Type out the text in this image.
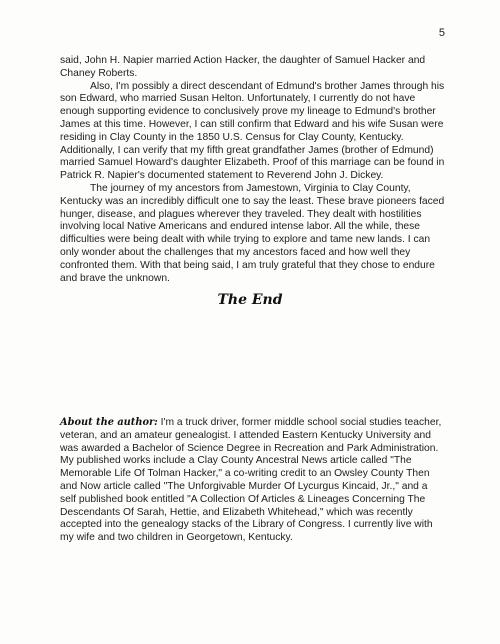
5

said, John H. Napier married Action Hacker, the daughter of Samuel Hacker and Chaney Roberts.

Also, I'm possibly a direct descendant of Edmund's brother James through his son Edward, who married Susan Helton. Unfortunately, I currently do not have enough supporting evidence to conclusively prove my lineage to Edmund's brother James at this time. However, I can still confirm that Edward and his wife Susan were residing in Clay County in the 1850 U.S. Census for Clay County, Kentucky. Additionally, I can verify that my fifth great grandfather James (brother of Edmund) married Samuel Howard's daughter Elizabeth. Proof of this marriage can be found in Patrick R. Napier's documented statement to Reverend John J. Dickey.

The journey of my ancestors from Jamestown, Virginia to Clay County, Kentucky was an incredibly difficult one to say the least. These brave pioneers faced hunger, disease, and plagues wherever they traveled. They dealt with hostilities involving local Native Americans and endured intense labor. All the while, these difficulties were being dealt with while trying to explore and tame new lands. I can only wonder about the challenges that my ancestors faced and how well they confronted them. With that being said, I am truly grateful that they chose to endure and brave the unknown.

The End

About the author: I'm a truck driver, former middle school social studies teacher, veteran, and an amateur genealogist. I attended Eastern Kentucky University and was awarded a Bachelor of Science Degree in Recreation and Park Administration. My published works include a Clay County Ancestral News article called "The Memorable Life Of Tolman Hacker," a co-writing credit to an Owsley County Then and Now article called "The Unforgivable Murder Of Lycurgus Kincaid, Jr.," and a self published book entitled "A Collection Of Articles & Lineages Concerning The Descendants Of Sarah, Hettie, and Elizabeth Whitehead," which was recently accepted into the genealogy stacks of the Library of Congress. I currently live with my wife and two children in Georgetown, Kentucky.
